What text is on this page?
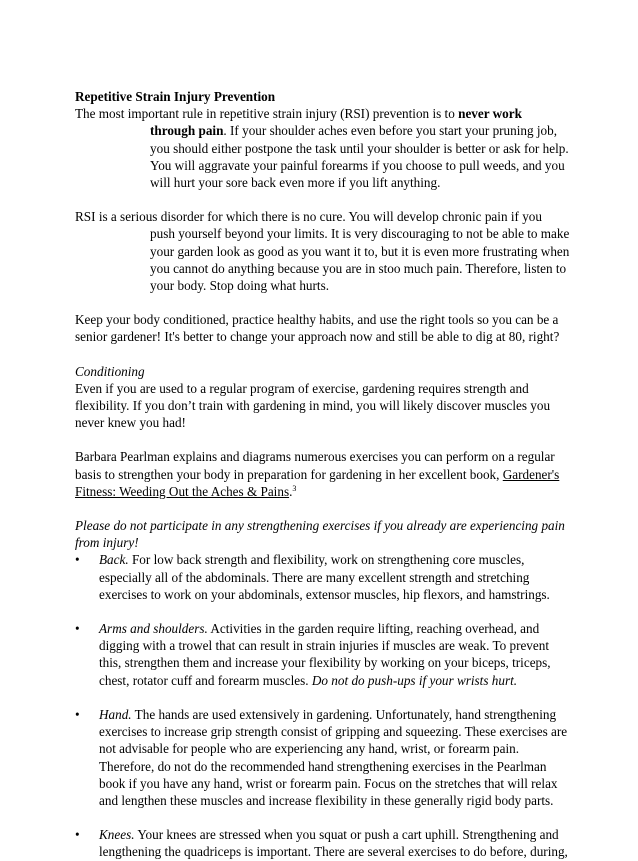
Repetitive Strain Injury Prevention

The most important rule in repetitive strain injury (RSI) prevention is to never work through pain. If your shoulder aches even before you start your pruning job, you should either postpone the task until your shoulder is better or ask for help. You will aggravate your painful forearms if you choose to pull weeds, and you will hurt your sore back even more if you lift anything.

RSI is a serious disorder for which there is no cure. You will develop chronic pain if you push yourself beyond your limits. It is very discouraging to not be able to make your garden look as good as you want it to, but it is even more frustrating when you cannot do anything because you are in stoo much pain. Therefore, listen to your body. Stop doing what hurts.

Keep your body conditioned, practice healthy habits, and use the right tools so you can be a senior gardener! It's better to change your approach now and still be able to dig at 80, right?

Conditioning

Even if you are used to a regular program of exercise, gardening requires strength and flexibility. If you don’t train with gardening in mind, you will likely discover muscles you never knew you had!

Barbara Pearlman explains and diagrams numerous exercises you can perform on a regular basis to strengthen your body in preparation for gardening in her excellent book, Gardener's Fitness: Weeding Out the Aches & Pains.$^3$

Please do not participate in any strengthening exercises if you already are experiencing pain from injury!

•	Back. For low back strength and flexibility, work on strengthening core muscles, especially all of the abdominals. There are many excellent strength and stretching exercises to work on your abdominals, extensor muscles, hip flexors, and hamstrings.
•	Arms and shoulders. Activities in the garden require lifting, reaching overhead, and digging with a trowel that can result in strain injuries if muscles are weak. To prevent this, strengthen them and increase your flexibility by working on your biceps, triceps, chest, rotator cuff and forearm muscles. Do not do push-ups if your wrists hurt.
•	Hand. The hands are used extensively in gardening. Unfortunately, hand strengthening exercises to increase grip strength consist of gripping and squeezing. These exercises are not advisable for people who are experiencing any hand, wrist, or forearm pain. Therefore, do not do the recommended hand strengthening exercises in the Pearlman book if you have any hand, wrist or forearm pain. Focus on the stretches that will relax and lengthen these muscles and increase flexibility in these generally rigid body parts.
•	Knees. Your knees are stressed when you squat or push a cart uphill. Strengthening and lengthening the quadriceps is important. There are several exercises to do before, during,
